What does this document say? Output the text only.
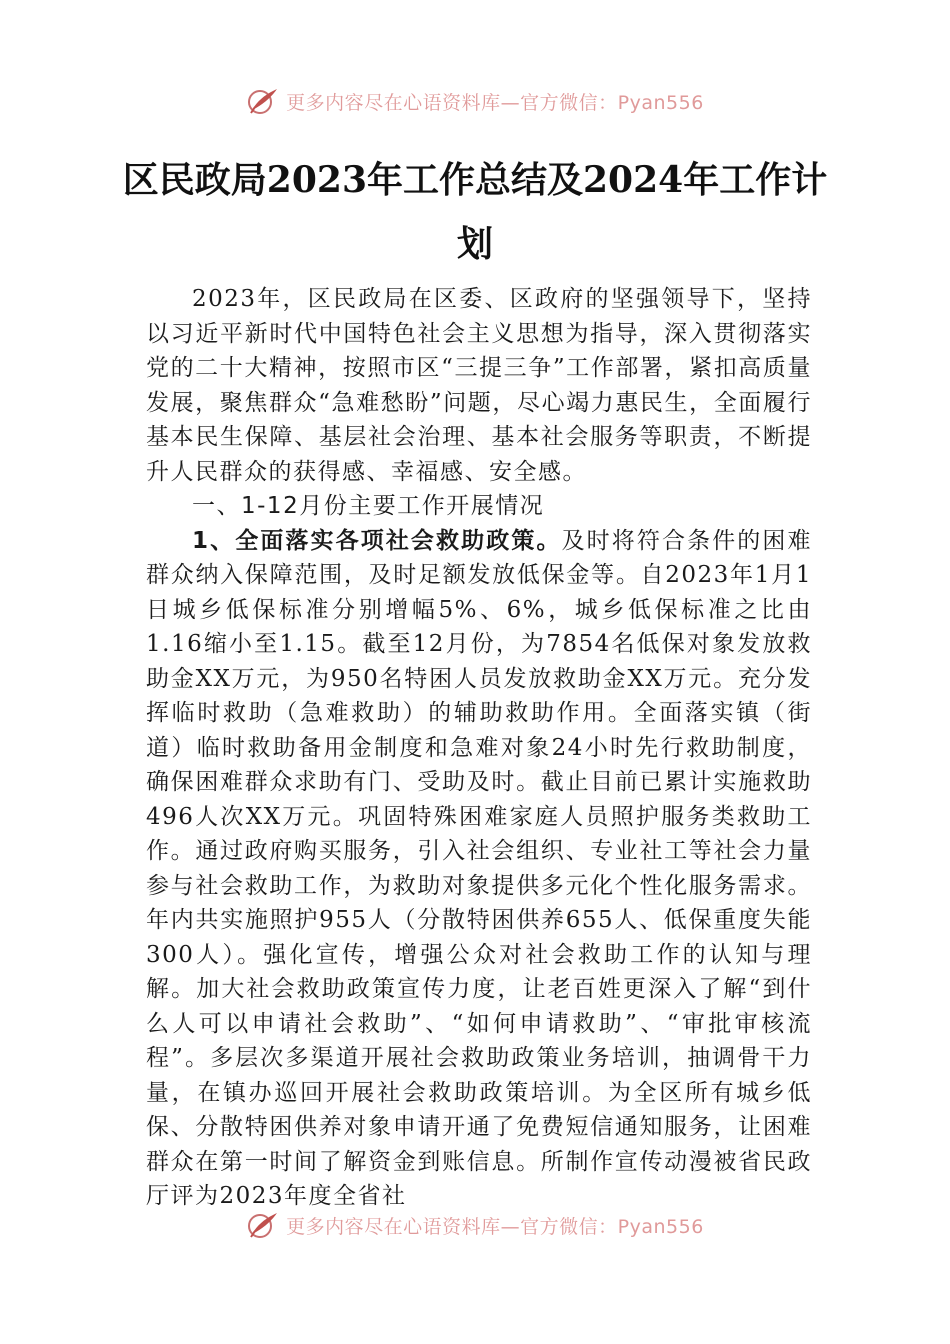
更多内容尽在心语资料库—官方微信：Pyan556
区民政局2023年工作总结及2024年工作计
划

2023年，区民政局在区委、区政府的坚强领导下，坚持以习近平新时代中国特色社会主义思想为指导，深入贯彻落实党的二十大精神，按照市区“三提三争”工作部署，紧扣高质量发展，聚焦群众“急难愁盼”问题，尽心竭力惠民生，全面履行基本民生保障、基层社会治理、基本社会服务等职责，不断提升人民群众的获得感、幸福感、安全感。

一、1-12月份主要工作开展情况

1、全面落实各项社会救助政策。及时将符合条件的困难群众纳入保障范围，及时足额发放低保金等。自2023年1月1日城乡低保标准分别增幅5%、6%，城乡低保标准之比由1.16缩小至1.15。截至12月份，为7854名低保对象发放救助金XX万元，为950名特困人员发放救助金XX万元。充分发挥临时救助（急难救助）的辅助救助作用。全面落实镇（街道）临时救助备用金制度和急难对象24小时先行救助制度，确保困难群众求助有门、受助及时。截止目前已累计实施救助496人次XX万元。巩固特殊困难家庭人员照护服务类救助工作。通过政府购买服务，引入社会组织、专业社工等社会力量参与社会救助工作，为救助对象提供多元化个性化服务需求。年内共实施照护955人（分散特困供养655人、低保重度失能300人）。强化宣传，增强公众对社会救助工作的认知与理解。加大社会救助政策宣传力度，让老百姓更深入了解“到什么人可以申请社会救助”、“如何申请救助”、“审批审核流程”。多层次多渠道开展社会救助政策业务培训，抽调骨干力量，在镇办巡回开展社会救助政策培训。为全区所有城乡低保、分散特困供养对象申请开通了免费短信通知服务，让困难群众在第一时间了解资金到账信息。所制作宣传动漫被省民政厅评为2023年度全省社

更多内容尽在心语资料库—官方微信：Pyan556
